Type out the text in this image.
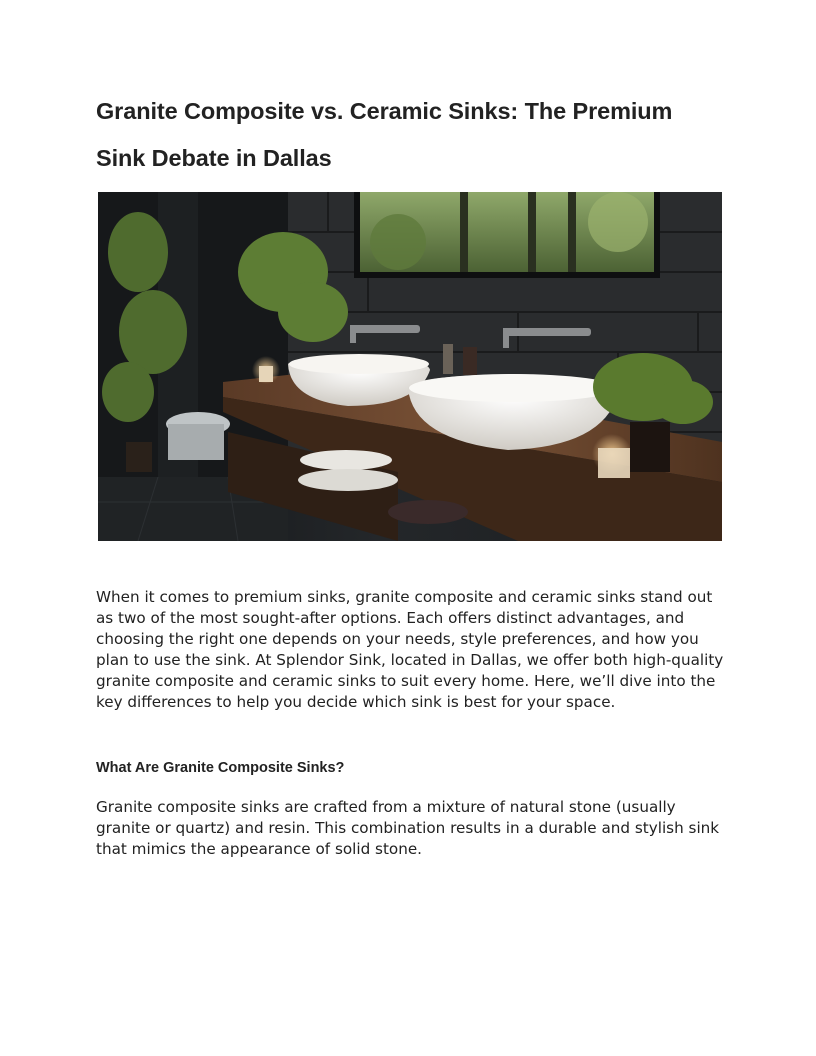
Granite Composite vs. Ceramic Sinks: The Premium Sink Debate in Dallas

When it comes to premium sinks, granite composite and ceramic sinks stand out as two of the most sought-after options. Each offers distinct advantages, and choosing the right one depends on your needs, style preferences, and how you plan to use the sink. At Splendor Sink, located in Dallas, we offer both high-quality granite composite and ceramic sinks to suit every home. Here, we’ll dive into the key differences to help you decide which sink is best for your space.

What Are Granite Composite Sinks?

Granite composite sinks are crafted from a mixture of natural stone (usually granite or quartz) and resin. This combination results in a durable and stylish sink that mimics the appearance of solid stone.
